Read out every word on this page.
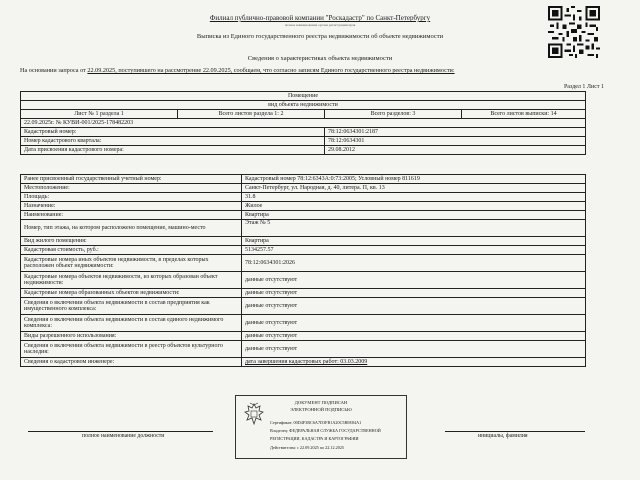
Филиал публично-правовой компании "Роскадастр" по Санкт-Петербургу
полное наименование органа регистрации прав
Выписка из Единого государственного реестра недвижимости об объекте недвижимости
Сведения о характеристиках объекта недвижимости
На основании запроса от 22.09.2025, поступившего на рассмотрение 22.09.2025, сообщаем, что согласно записям Единого государственного реестра недвижимости:
Раздел 1 Лист 1
Помещение			
вид объекта недвижимости			
Лист № 1 раздела 1	Всего листов раздела 1: 2	Всего разделов: 3	Всего листов выписки: 14
22.09.2025г. № КУВИ-001/2025-178482203			
Кадастровый номер:		78:12:0634301:2187	
Номер кадастрового квартала:		78:12:0634301	
Дата присвоения кадастрового номера:		29.08.2012	
Ранее присвоенный государственный учетный номер:	Кадастровый номер 78:12:6343А:0:73:2005; Условный номер 811619
Местоположение:	Санкт-Петербург, ул. Народная, д. 40, литера. П, кв. 13
Площадь:	31.8
Назначение:	Жилое
Наименование:	Квартира
Номер, тип этажа, на котором расположено помещение, машино-место	Этаж № 5
Вид жилого помещения:	Квартира
Кадастровая стоимость, руб.:	5134257.57
Кадастровые номера иных объектов недвижимости, в пределах которых расположен объект недвижимости:	78:12:0634301:2026
Кадастровые номера объектов недвижимости, из которых образован объект недвижимости:	данные отсутствуют
Кадастровые номера образованных объектов недвижимости:	данные отсутствуют
Сведения о включении объекта недвижимости в состав предприятия как имущественного комплекса:	данные отсутствуют
Сведения о включении объекта недвижимости в состав единого недвижимого комплекса:	данные отсутствуют
Виды разрешенного использования:	данные отсутствуют
Сведения о включении объекта недвижимости в реестр объектов культурного наследия:	данные отсутствуют
Сведения о кадастровом инженере:	дата завершения кадастровых работ: 03.03.2009
ДОКУМЕНТ ПОДПИСАН
ЭЛЕКТРОННОЙ ПОДПИСЬЮ
Сертификат: 00D4F3BC6A7D3FB1A20C5B0E84A1
Владелец: ФЕДЕРАЛЬНАЯ СЛУЖБА ГОСУДАРСТВЕННОЙ
РЕГИСТРАЦИИ, КАДАСТРА И КАРТОГРАФИИ
Действителен: с 22.09.2025 по 22.12.2025
полное наименование должности	инициалы, фамилия
